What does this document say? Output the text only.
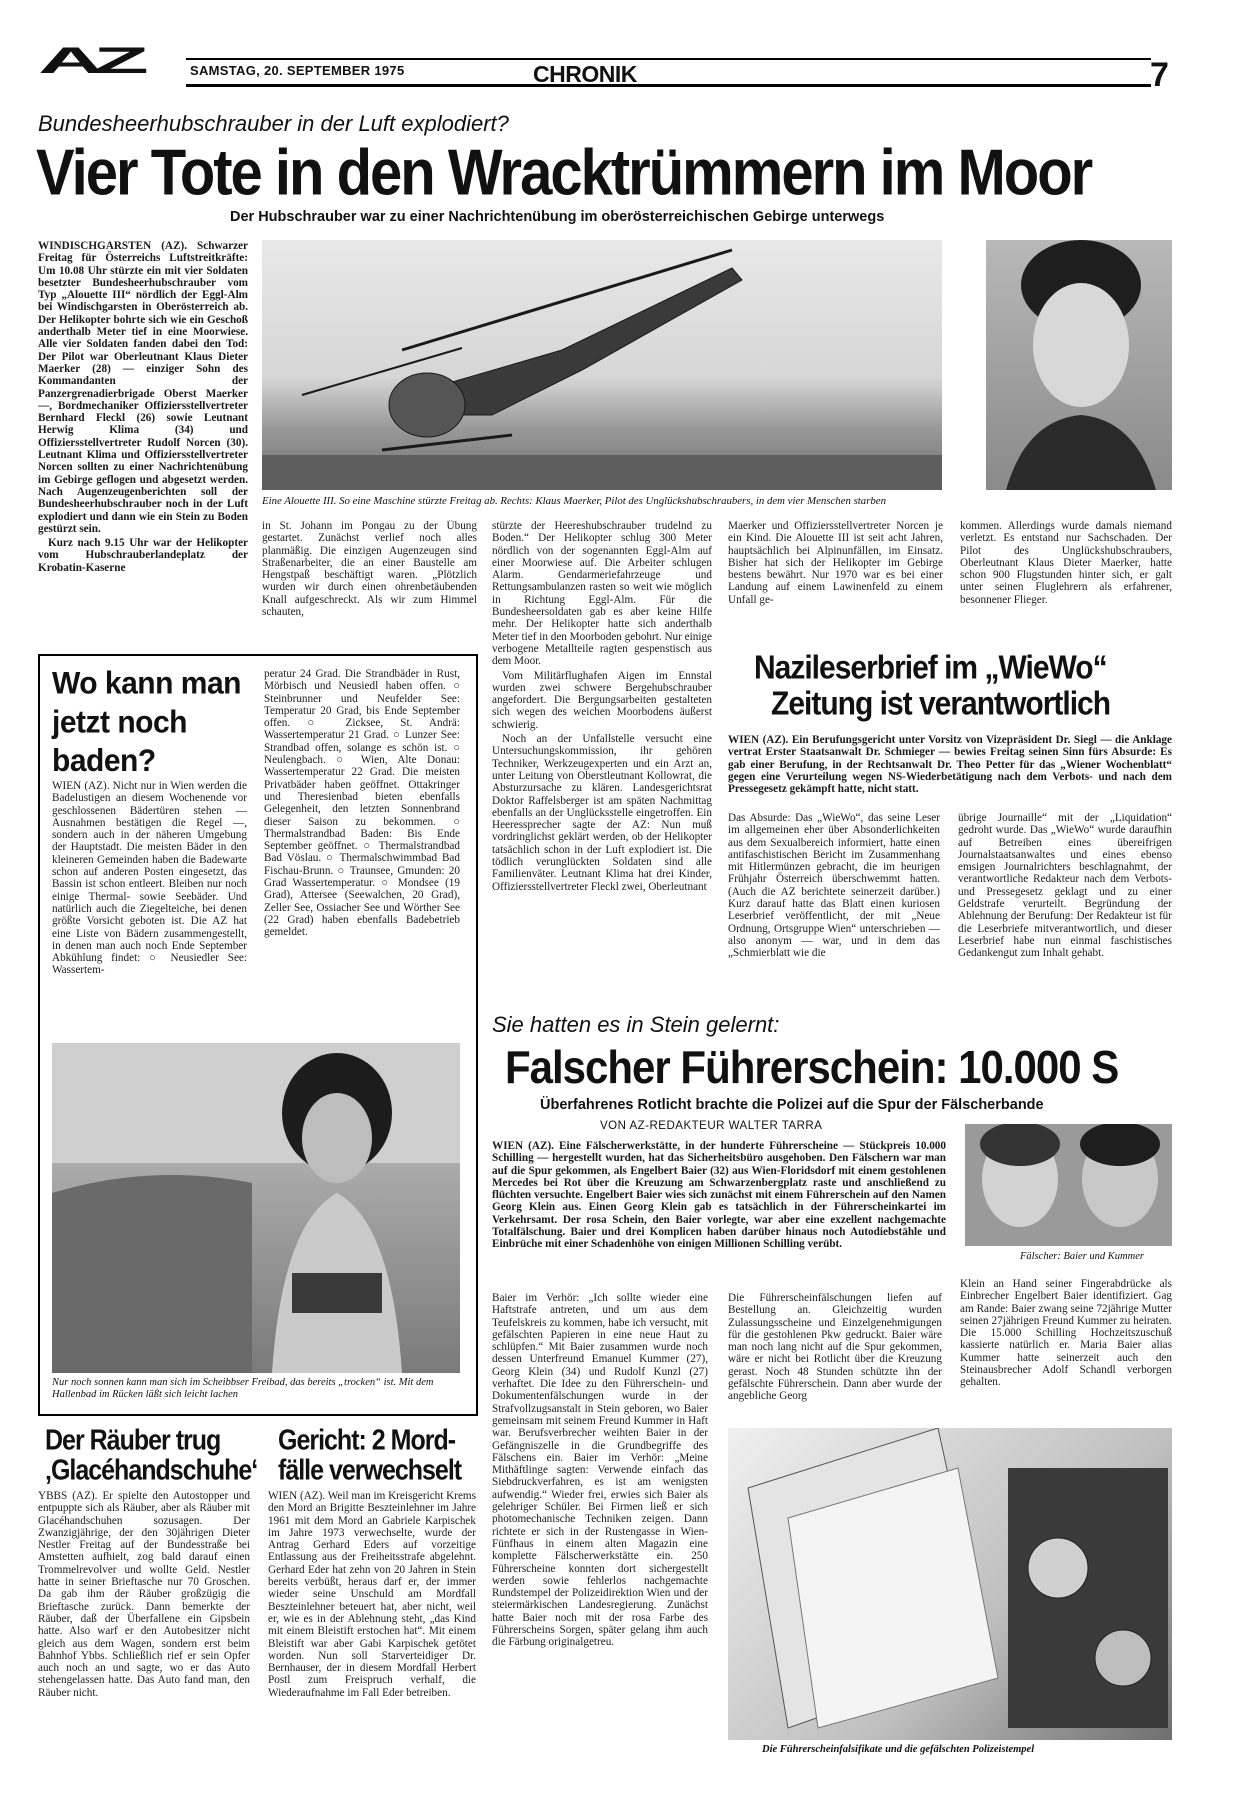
AZ	SAMSTAG, 20. SEPTEMBER 1975	CHRONIK	7
Bundesheerhubschrauber in der Luft explodiert?
Vier Tote in den Wracktrümmern im Moor
Der Hubschrauber war zu einer Nachrichtenübung im oberösterreichischen Gebirge unterwegs

WINDISCHGARSTEN (AZ). Schwarzer Freitag für Österreichs Luftstreitkräfte: Um 10.08 Uhr stürzte ein mit vier Soldaten besetzter Bundesheerhubschrauber vom Typ „Alouette III“ nördlich der Eggl-Alm bei Windischgarsten in Oberösterreich ab. Der Helikopter bohrte sich wie ein Geschoß anderthalb Meter tief in eine Moorwiese. Alle vier Soldaten fanden dabei den Tod: Der Pilot war Oberleutnant Klaus Dieter Maerker (28) — einziger Sohn des Kommandanten der Panzergrenadierbrigade Oberst Maerker —, Bordmechaniker Offiziersstellvertreter Bernhard Fleckl (26) sowie Leutnant Herwig Klima (34) und Offiziersstellvertreter Rudolf Norcen (30). Leutnant Klima und Offiziersstellvertreter Norcen sollten zu einer Nachrichtenübung im Gebirge geflogen und abgesetzt werden. Nach Augenzeugenberichten soll der Bundesheerhubschrauber noch in der Luft explodiert und dann wie ein Stein zu Boden gestürzt sein.

Kurz nach 9.15 Uhr war der Helikopter vom Hubschrauberlandeplatz der Krobatin-Kaserne

Eine Alouette III. So eine Maschine stürzte Freitag ab. Rechts: Klaus Maerker, Pilot des Unglückshubschraubers, in dem vier Menschen starben

in St. Johann im Pongau zu der Übung gestartet. Zunächst verlief noch alles planmäßig. Die einzigen Augenzeugen sind Straßenarbeiter, die an einer Baustelle am Hengstpaß beschäftigt waren. „Plötzlich wurden wir durch einen ohrenbetäubenden Knall aufgeschreckt. Als wir zum Himmel schauten,

stürzte der Heereshubschrauber trudelnd zu Boden.“ Der Helikopter schlug 300 Meter nördlich von der sogenannten Eggl-Alm auf einer Moorwiese auf. Die Arbeiter schlugen Alarm. Gendarmeriefahrzeuge und Rettungsambulanzen rasten so weit wie möglich in Richtung Eggl-Alm. Für die Bundesheersoldaten gab es aber keine Hilfe mehr. Der Helikopter hatte sich anderthalb Meter tief in den Moorboden gebohrt. Nur einige verbogene Metallteile ragten gespenstisch aus dem Moor.

Vom Militärflughafen Aigen im Ennstal wurden zwei schwere Bergehubschrauber angefordert. Die Bergungsarbeiten gestalteten sich wegen des weichen Moorbodens äußerst schwierig.

Noch an der Unfallstelle versucht eine Untersuchungskommission, ihr gehören Techniker, Werkzeugexperten und ein Arzt an, unter Leitung von Oberstleutnant Kollowrat, die Absturzursache zu klären. Landesgerichtsrat Doktor Raffelsberger ist am späten Nachmittag ebenfalls an der Unglücksstelle eingetroffen. Ein Heeressprecher sagte der AZ: Nun muß vordringlichst geklärt werden, ob der Helikopter tatsächlich schon in der Luft explodiert ist. Die tödlich verunglückten Soldaten sind alle Familienväter. Leutnant Klima hat drei Kinder, Offiziersstellvertreter Fleckl zwei, Oberleutnant

Maerker und Offiziersstellvertreter Norcen je ein Kind. Die Alouette III ist seit acht Jahren, hauptsächlich bei Alpinunfällen, im Einsatz. Bisher hat sich der Helikopter im Gebirge bestens bewährt. Nur 1970 war es bei einer Landung auf einem Lawinenfeld zu einem Unfall ge-

kommen. Allerdings wurde damals niemand verletzt. Es entstand nur Sachschaden. Der Pilot des Unglückshubschraubers, Oberleutnant Klaus Dieter Maerker, hatte schon 900 Flugstunden hinter sich, er galt unter seinen Fluglehrern als erfahrener, besonnener Flieger.

Wo kann man jetzt noch baden?

WIEN (AZ). Nicht nur in Wien werden die Badelustigen an diesem Wochenende vor geschlossenen Bädertüren stehen — Ausnahmen bestätigen die Regel —, sondern auch in der näheren Umgebung der Hauptstadt. Die meisten Bäder in den kleineren Gemeinden haben die Badewarte schon auf anderen Posten eingesetzt, das Bassin ist schon entleert. Bleiben nur noch einige Thermal- sowie Seebäder. Und natürlich auch die Ziegelteiche, bei denen größte Vorsicht geboten ist. Die AZ hat eine Liste von Bädern zusammengestellt, in denen man auch noch Ende September Abkühlung findet: ○ Neusiedler See: Wassertem-

peratur 24 Grad. Die Strandbäder in Rust, Mörbisch und Neusiedl haben offen. ○ Steinbrunner und Neufelder See: Temperatur 20 Grad, bis Ende September offen. ○ Zicksee, St. Andrä: Wassertemperatur 21 Grad. ○ Lunzer See: Strandbad offen, solange es schön ist. ○ Neulengbach. ○ Wien, Alte Donau: Wassertemperatur 22 Grad. Die meisten Privatbäder haben geöffnet. Ottakringer und Theresienbad bieten ebenfalls Gelegenheit, den letzten Sonnenbrand dieser Saison zu bekommen. ○ Thermalstrandbad Baden: Bis Ende September geöffnet. ○ Thermalstrandbad Bad Vöslau. ○ Thermalschwimmbad Bad Fischau-Brunn. ○ Traunsee, Gmunden: 20 Grad Wassertemperatur. ○ Mondsee (19 Grad), Attersee (Seewalchen, 20 Grad), Zeller See, Ossiacher See und Wörther See (22 Grad) haben ebenfalls Badebetrieb gemeldet.

Nur noch sonnen kann man sich im Scheibbser Freibad, das bereits „trocken“ ist. Mit dem Hallenbad im Rücken läßt sich leicht lachen
Nazileserbrief im „WieWo“
Zeitung ist verantwortlich

WIEN (AZ). Ein Berufungsgericht unter Vorsitz von Vizepräsident Dr. Siegl — die Anklage vertrat Erster Staatsanwalt Dr. Schmieger — bewies Freitag seinen Sinn fürs Absurde: Es gab einer Berufung, in der Rechtsanwalt Dr. Theo Petter für das „Wiener Wochenblatt“ gegen eine Verurteilung wegen NS-Wiederbetätigung nach dem Verbots- und nach dem Pressegesetz gekämpft hatte, nicht statt.

Das Absurde: Das „WieWo“, das seine Leser im allgemeinen eher über Absonderlichkeiten aus dem Sexualbereich informiert, hatte einen antifaschistischen Bericht im Zusammenhang mit Hitlermünzen gebracht, die im heurigen Frühjahr Österreich überschwemmt hatten. (Auch die AZ berichtete seinerzeit darüber.) Kurz darauf hatte das Blatt einen kuriosen Leserbrief veröffentlicht, der mit „Neue Ordnung, Ortsgruppe Wien“ unterschrieben — also anonym — war, und in dem das „Schmierblatt wie die

übrige Journaille“ mit der „Liquidation“ gedroht wurde. Das „WieWo“ wurde daraufhin auf Betreiben eines übereifrigen Journalstaatsanwaltes und eines ebenso emsigen Journalrichters beschlagnahmt, der verantwortliche Redakteur nach dem Verbots- und Pressegesetz geklagt und zu einer Geldstrafe verurteilt. Begründung der Ablehnung der Berufung: Der Redakteur ist für die Leserbriefe mitverantwortlich, und dieser Leserbrief habe nun einmal faschistisches Gedankengut zum Inhalt gehabt.

Sie hatten es in Stein gelernt:
Falscher Führerschein: 10.000 S
Überfahrenes Rotlicht brachte die Polizei auf die Spur der Fälscherbande
VON AZ-REDAKTEUR WALTER TARRA

WIEN (AZ). Eine Fälscherwerkstätte, in der hunderte Führerscheine — Stückpreis 10.000 Schilling — hergestellt wurden, hat das Sicherheitsbüro ausgehoben. Den Fälschern war man auf die Spur gekommen, als Engelbert Baier (32) aus Wien-Floridsdorf mit einem gestohlenen Mercedes bei Rot über die Kreuzung am Schwarzenbergplatz raste und anschließend zu flüchten versuchte. Engelbert Baier wies sich zunächst mit einem Führerschein auf den Namen Georg Klein aus. Einen Georg Klein gab es tatsächlich in der Führerscheinkartei im Verkehrsamt. Der rosa Schein, den Baier vorlegte, war aber eine exzellent nachgemachte Totalfälschung. Baier und drei Komplicen haben darüber hinaus noch Autodiebstähle und Einbrüche mit einer Schadenhöhe von einigen Millionen Schilling verübt.

Fälscher: Baier und Kummer

Baier im Verhör: „Ich sollte wieder eine Haftstrafe antreten, und um aus dem Teufelskreis zu kommen, habe ich versucht, mit gefälschten Papieren in eine neue Haut zu schlüpfen.“ Mit Baier zusammen wurde noch dessen Unterfreund Emanuel Kummer (27), Georg Klein (34) und Rudolf Kunzl (27) verhaftet. Die Idee zu den Führerschein- und Dokumentenfälschungen wurde in der Strafvollzugsanstalt in Stein geboren, wo Baier gemeinsam mit seinem Freund Kummer in Haft war. Berufsverbrecher weihten Baier in der Gefängniszelle in die Grundbegriffe des Fälschens ein. Baier im Verhör: „Meine Mithäftlinge sagten: Verwende einfach das Siebdruckverfahren, es ist am wenigsten aufwendig.“ Wieder frei, erwies sich Baier als gelehriger Schüler. Bei Firmen ließ er sich photomechanische Techniken zeigen. Dann richtete er sich in der Rustengasse in Wien-Fünfhaus in einem alten Magazin eine komplette Fälscherwerkstätte ein. 250 Führerscheine konnten dort sichergestellt werden sowie fehlerlos nachgemachte Rundstempel der Polizeidirektion Wien und der steiermärkischen Landesregierung. Zunächst hatte Baier noch mit der rosa Farbe des Führerscheins Sorgen, später gelang ihm auch die Färbung originalgetreu.

Die Führerscheinfälschungen liefen auf Bestellung an. Gleichzeitig wurden Zulassungsscheine und Einzelgenehmigungen für die gestohlenen Pkw gedruckt. Baier wäre man noch lang nicht auf die Spur gekommen, wäre er nicht bei Rotlicht über die Kreuzung gerast. Noch 48 Stunden schützte ihn der gefälschte Führerschein. Dann aber wurde der angebliche Georg

Klein an Hand seiner Fingerabdrücke als Einbrecher Engelbert Baier identifiziert. Gag am Rande: Baier zwang seine 72jährige Mutter seinen 27jährigen Freund Kummer zu heiraten. Die 15.000 Schilling Hochzeitszuschuß kassierte natürlich er. Maria Baier alias Kummer hatte seinerzeit auch den Steinausbrecher Adolf Schandl verborgen gehalten.

Die Führerscheinfalsifikate und die gefälschten Polizeistempel
Der Räuber trug
‚Glacéhandschuhe‘

YBBS (AZ). Er spielte den Autostopper und entpuppte sich als Räuber, aber als Räuber mit Glacéhandschuhen sozusagen. Der Zwanzigjährige, der den 30jährigen Dieter Nestler Freitag auf der Bundesstraße bei Amstetten aufhielt, zog bald darauf einen Trommelrevolver und wollte Geld. Nestler hatte in seiner Brieftasche nur 70 Groschen. Da gab ihm der Räuber großzügig die Brieftasche zurück. Dann bemerkte der Räuber, daß der Überfallene ein Gipsbein hatte. Also warf er den Autobesitzer nicht gleich aus dem Wagen, sondern erst beim Bahnhof Ybbs. Schließlich rief er sein Opfer auch noch an und sagte, wo er das Auto stehengelassen hatte. Das Auto fand man, den Räuber nicht.

Gericht: 2 Mord-
fälle verwechselt

WIEN (AZ). Weil man im Kreisgericht Krems den Mord an Brigitte Beszteinlehner im Jahre 1961 mit dem Mord an Gabriele Karpischek im Jahre 1973 verwechselte, wurde der Antrag Gerhard Eders auf vorzeitige Entlassung aus der Freiheitsstrafe abgelehnt. Gerhard Eder hat zehn von 20 Jahren in Stein bereits verbüßt, heraus darf er, der immer wieder seine Unschuld am Mordfall Beszteinlehner beteuert hat, aber nicht, weil er, wie es in der Ablehnung steht, „das Kind mit einem Bleistift erstochen hat“. Mit einem Bleistift war aber Gabi Karpischek getötet worden. Nun soll Starverteidiger Dr. Bernhauser, der in diesem Mordfall Herbert Postl zum Freispruch verhalf, die Wiederaufnahme im Fall Eder betreiben.
